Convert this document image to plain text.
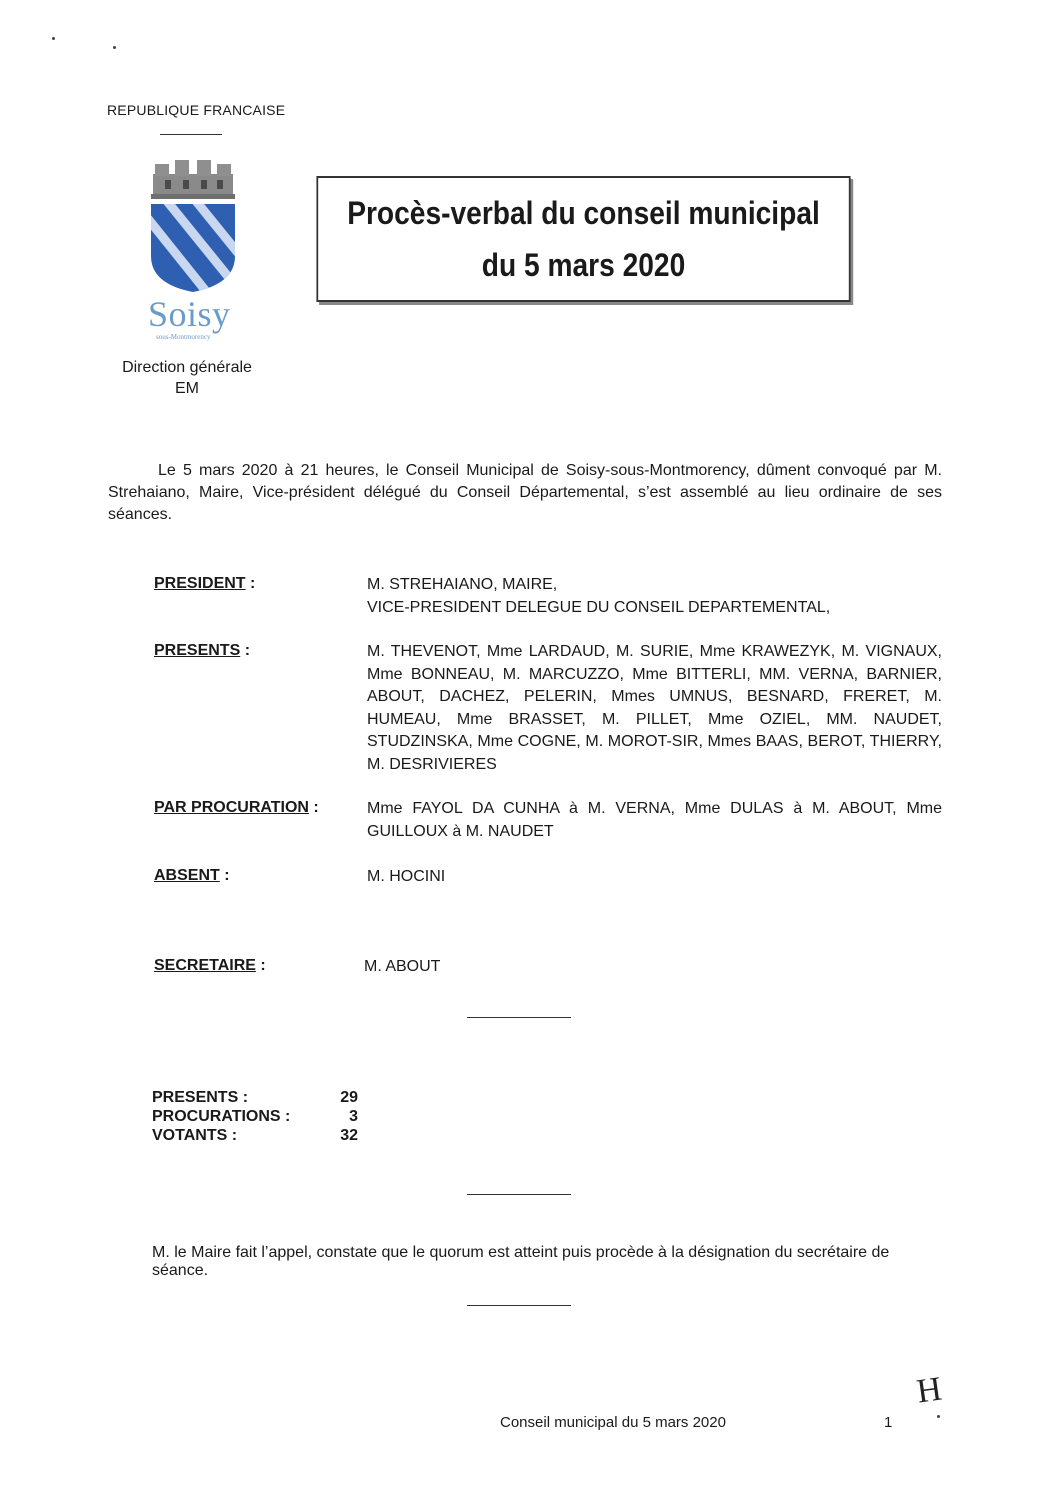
REPUBLIQUE FRANCAISE
Soisy
sous-Montmorency
Direction générale
EM
Procès-verbal du conseil municipal
du 5 mars 2020

Le 5 mars 2020 à 21 heures, le Conseil Municipal de Soisy-sous-Montmorency, dûment convoqué par M. Strehaiano, Maire, Vice-président délégué du Conseil Départemental, s’est assemblé au lieu ordinaire de ses séances.

PRESIDENT :	M. STREHAIANO, MAIRE,
VICE-PRESIDENT DELEGUE DU CONSEIL DEPARTEMENTAL,
PRESENTS :	M. THEVENOT, Mme LARDAUD, M. SURIE, Mme KRAWEZYK, M. VIGNAUX, Mme BONNEAU, M. MARCUZZO, Mme BITTERLI, MM. VERNA, BARNIER, ABOUT, DACHEZ, PELERIN, Mmes UMNUS, BESNARD, FRERET, M. HUMEAU, Mme BRASSET, M. PILLET, Mme OZIEL, MM. NAUDET, STUDZINSKA, Mme COGNE, M. MOROT-SIR, Mmes BAAS, BEROT, THIERRY, M. DESRIVIERES
PAR PROCURATION :	Mme FAYOL DA CUNHA à M. VERNA, Mme DULAS à M. ABOUT, Mme GUILLOUX à M. NAUDET
ABSENT :	M. HOCINI
SECRETAIRE :	M. ABOUT
PRESENTS :	29
PROCURATIONS :	3
VOTANTS :	32
M. le Maire fait l’appel, constate que le quorum est atteint puis procède à la désignation du secrétaire de séance.
H
Conseil municipal du 5 mars 2020	1
